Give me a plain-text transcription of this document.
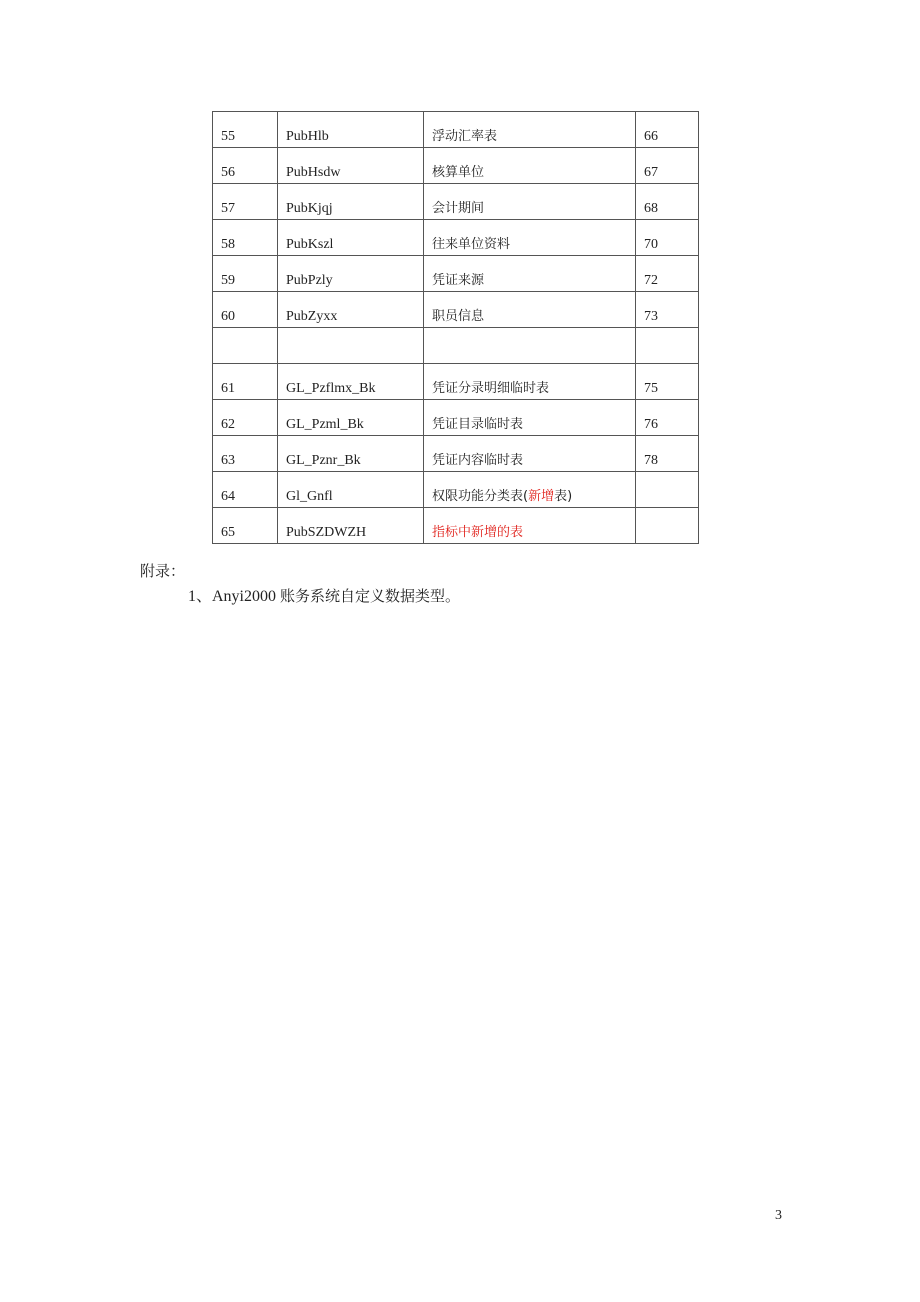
55	PubHlb	浮动汇率表	66
56	PubHsdw	核算单位	67
57	PubKjqj	会计期间	68
58	PubKszl	往来单位资料	70
59	PubPzly	凭证来源	72
60	PubZyxx	职员信息	73

61	GL_Pzflmx_Bk	凭证分录明细临时表	75
62	GL_Pzml_Bk	凭证目录临时表	76
63	GL_Pznr_Bk	凭证内容临时表	78
64	Gl_Gnfl	权限功能分类表(新增表)	
65	PubSZDWZH	指标中新增的表	
附录：
1、Anyi2000 账务系统自定义数据类型。
3
